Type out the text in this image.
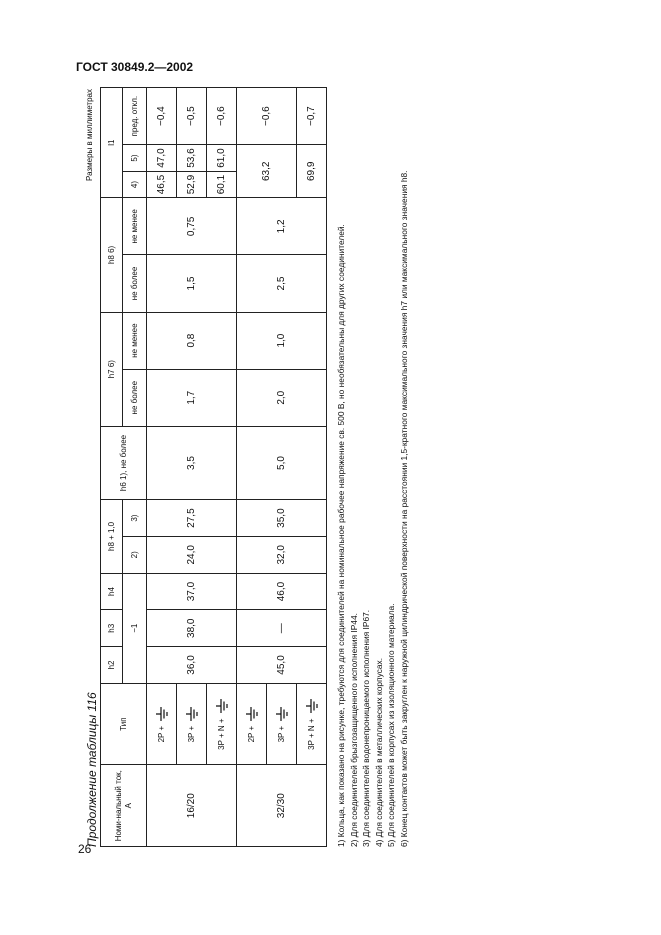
ГОСТ 30849.2—2002
26
Продолжение таблицы 116
Размеры в миллиметрах
Номи-нальный ток, А	Тип	h2	h3	h4	h8 + 1,0		h6 1), не более	h7 6)		h8 6)		l1		
		−1			2)	3)		не более	не менее	не более	не менее	4)	5)	пред. откл.
16/20	2P +	36,0	38,0	37,0	24,0	27,5	3,5	1,7	0,8	1,5	0,75	46,5	47,0	−0,4
	3P +											52,9	53,6	−0,5
	3P + N +											60,1	61,0	−0,6
32/30	2P +	45,0	—	46,0	32,0	35,0	5,0	2,0	1,0	2,5	1,2	63,2		−0,6
	3P +													
	3P + N +											69,9		−0,7

1) Кольца, как показано на рисунке, требуются для соединителей на номинальное рабочее напряжение св. 500 В, но необязательны для других соединителей. 2) Для соединителей брызгозащищенного исполнения IP44. 3) Для соединителей водонепроницаемого исполнения IP67. 4) Для соединителей в металлических корпусах. 5) Для соединителей в корпусах из изоляционного материала. 6) Конец контактов может быть закруглен к наружной цилиндрической поверхности на расстоянии 1,5-кратного максимального значения h7 или максимального значения h8.
